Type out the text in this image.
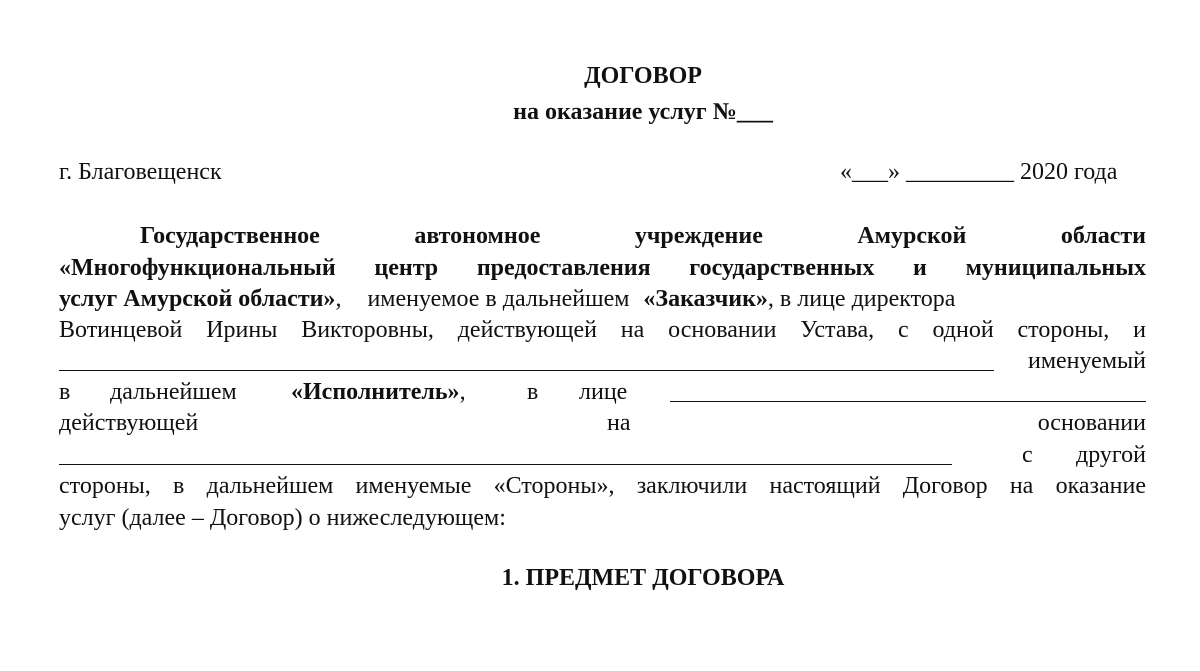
ДОГОВОР
на оказание услуг №___
г. Благовещенск	«___» _________ 2020 года
Государственное	автономное	учреждение	Амурской	области
«Многофункциональный центр предоставления государственных и муниципальных
услуг Амурской области», именуемое в дальнейшем «Заказчик», в лице директора
Вотинцевой Ирины Викторовны, действующей на основании Устава, с одной стороны, и
именуемый
в дальнейшем «Исполнитель»,	в лице
действующей	на	основании
с другой
стороны, в дальнейшем именуемые «Стороны», заключили настоящий Договор на оказание
услуг (далее – Договор) о нижеследующем:
1. ПРЕДМЕТ ДОГОВОРА
